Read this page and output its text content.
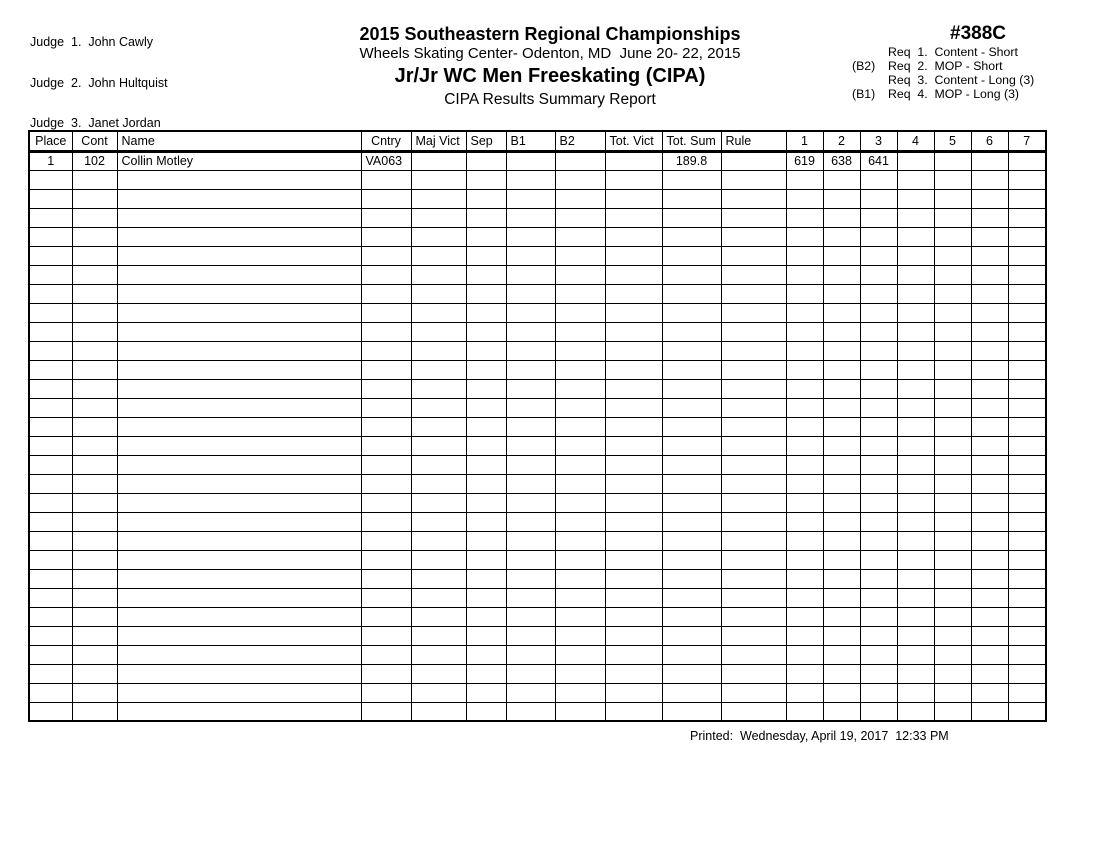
Judge  1.  John Cawly

Judge  2.  John Hultquist

Judge  3.  Janet Jordan

2015 Southeastern Regional Championships
Wheels Skating Center- Odenton, MD  June 20- 22, 2015
Jr/Jr WC Men Freeskating (CIPA)
CIPA Results Summary Report
#388C
Req  1.  Content - Short
(B2)	Req  2.  MOP - Short
Req  3.  Content - Long (3)
(B1)	Req  4.  MOP - Long (3)
Place	Cont	Name	Cntry	Maj Vict	Sep	B1	B2	Tot. Vict	Tot. Sum	Rule	1	2	3	4	5	6	7
1	102	Collin Motley	VA063						189.8		619	638	641				

Printed:  Wednesday, April 19, 2017  12:33 PM
